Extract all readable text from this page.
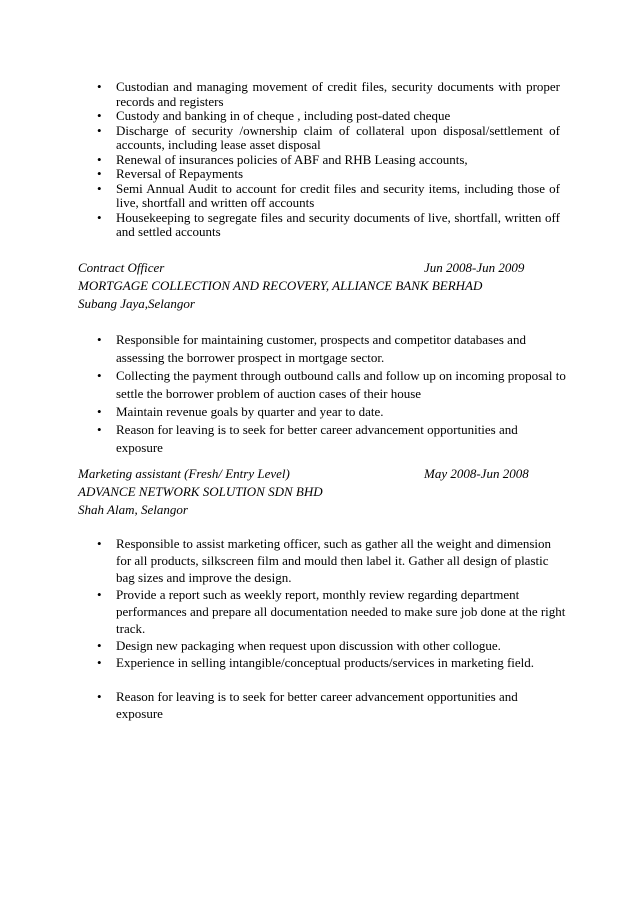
•	Custodian and managing movement of credit files, security documents with proper records and registers
•	Custody and banking in of cheque , including post-dated cheque
•	Discharge of security /ownership claim of collateral upon disposal/settlement of accounts, including lease asset disposal
•	Renewal of insurances policies of ABF and RHB Leasing accounts,
•	Reversal of Repayments
•	Semi Annual Audit to account for credit files and security items, including those of live, shortfall and written off accounts
•	Housekeeping to segregate files and security documents of live, shortfall, written off and settled accounts
Contract Officer	Jun 2008-Jun 2009
MORTGAGE COLLECTION AND RECOVERY, ALLIANCE BANK BERHAD
Subang Jaya,Selangor
•	Responsible for maintaining customer, prospects and competitor databases and assessing the borrower prospect in mortgage sector.
•	Collecting the payment through outbound calls and follow up on incoming proposal to settle the borrower problem of auction cases of their house
•	Maintain revenue goals by quarter and year to date.
•	Reason for leaving is to seek for better career advancement opportunities and exposure
Marketing assistant (Fresh/ Entry Level)	May 2008-Jun 2008
ADVANCE NETWORK SOLUTION SDN BHD
Shah Alam, Selangor
•	Responsible to assist marketing officer, such as gather all the weight and dimension for all products, silkscreen film and mould then label it. Gather all design of plastic bag sizes and improve the design.
•	Provide a report such as weekly report, monthly review regarding department performances and prepare all documentation needed to make sure job done at the right track.
•	Design new packaging when request upon discussion with other collogue.
•	Experience in selling intangible/conceptual products/services in marketing field.
•	Reason for leaving is to seek for better career advancement opportunities and exposure
